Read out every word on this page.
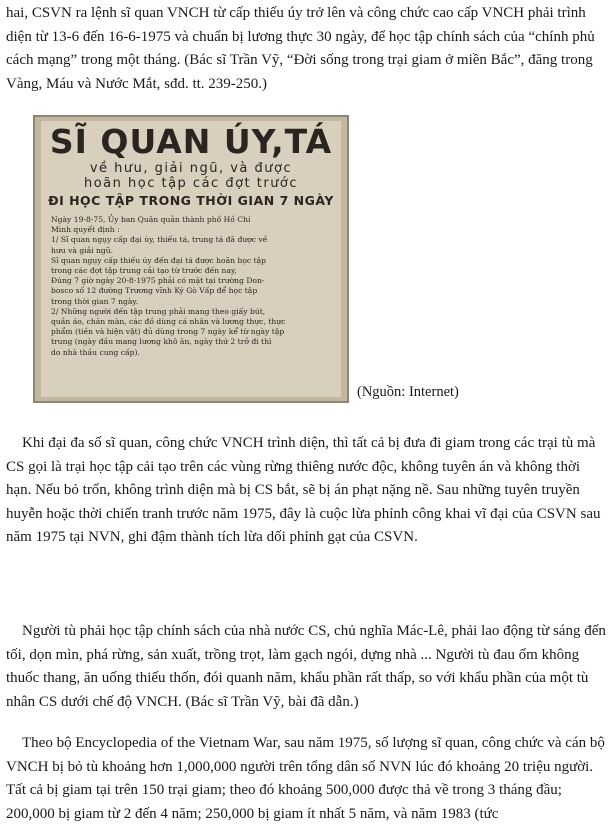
hai, CSVN ra lệnh sĩ quan VNCH từ cấp thiếu úy trở lên và công chức cao cấp VNCH phải trình diện từ 13-6 đến 16-6-1975 và chuẩn bị lương thực 30 ngày, để học tập chính sách của “chính phủ cách mạng” trong một tháng. (Bác sĩ Trần Vỹ, “Đời sống trong trại giam ở miền Bắc”, đăng trong Vàng, Máu và Nước Mắt, sđd. tt. 239-250.)

SĨ QUAN ÚY,TÁ
về hưu, giải ngũ, và được
hoãn học tập các đợt trước
ĐI HỌC TẬP TRONG THỜI GIAN 7 NGÀY
Ngày 19-8-75, Ủy ban Quân quản thành phố Hồ Chí
Minh quyết định :
1/ Sĩ quan ngụy cấp đại úy, thiếu tá, trung tá đã được về
hưu và giải ngũ.
Sĩ quan ngụy cấp thiếu úy đến đại tá được hoãn học tập
trong các đợt tập trung cải tạo từ trước đến nay,
Đúng 7 giờ ngày 20-8-1975 phải có mặt tại trường Don-
bosco số 12 đường Trương vĩnh Ký Gò Vấp để học tập
trong thời gian 7 ngày.
2/ Những người đến tập trung phải mang theo giấy bút,
quần áo, chăn màn, các đồ dùng cá nhân và lương thực, thực
phẩm (tiền và hiện vật) đủ dùng trong 7 ngày kể từ ngày tập
trung (ngày đầu mang lương khô ăn, ngày thứ 2 trở đi thì
do nhà thầu cung cấp).
(Nguồn: Internet)

Khi đại đa số sĩ quan, công chức VNCH trình diện, thì tất cả bị đưa đi giam trong các trại tù mà CS gọi là trại học tập cải tạo trên các vùng rừng thiêng nước độc, không tuyên án và không thời hạn. Nếu bỏ trốn, không trình diện mà bị CS bắt, sẽ bị án phạt nặng nề. Sau những tuyên truyền huyễn hoặc thời chiến tranh trước năm 1975, đây là cuộc lừa phỉnh công khai vĩ đại của CSVN sau năm 1975 tại NVN, ghi đậm thành tích lừa dối phỉnh gạt của CSVN.

Người tù phải học tập chính sách của nhà nước CS, chủ nghĩa Mác-Lê, phải lao động từ sáng đến tối, dọn mìn, phá rừng, sản xuất, trồng trọt, làm gạch ngói, dựng nhà ... Người tù đau ốm không thuốc thang, ăn uống thiếu thốn, đói quanh năm, khẩu phần rất thấp, so với khẩu phần của một tù nhân CS dưới chế độ VNCH. (Bác sĩ Trần Vỹ, bài đã dẫn.)

Theo bộ Encyclopedia of the Vietnam War, sau năm 1975, số lượng sĩ quan, công chức và cán bộ VNCH bị bỏ tù khoảng hơn 1,000,000 người trên tổng dân số NVN lúc đó khoảng 20 triệu người. Tất cả bị giam tại trên 150 trại giam; theo đó khoảng 500,000 được thả về trong 3 tháng đầu; 200,000 bị giam từ 2 đến 4 năm; 250,000 bị giam ít nhất 5 năm, và năm 1983 (tức
